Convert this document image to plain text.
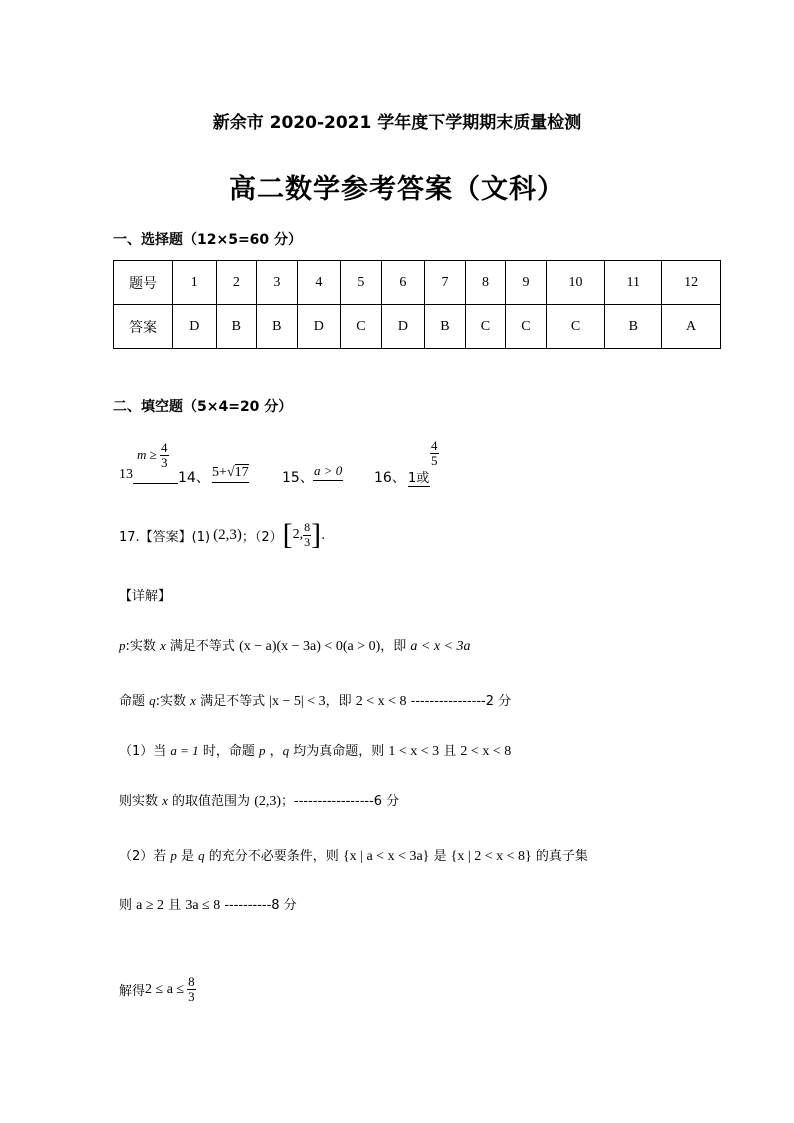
新余市 2020-2021 学年度下学期期末质量检测
高二数学参考答案（文科）
一、选择题（12×5=60 分）
题号	1	2	3	4	5	6	7	8	9	10	11	12
答案	D	B	B	D	C	D	B	C	C	C	B	A
二、填空题（5×4=20 分）
13
$m \ge \frac{4}{3}$
14、 5+√17 15、 a > 0 16、 1或
$\frac{4}{5}$
17.【答案】(1) (2,3) ；（2） [ 2, $\frac{8}{3}$ ] .
【详解】
p:实数 x 满足不等式 (x − a)(x − 3a) < 0(a > 0)，即 a < x < 3a
命题 q:实数 x 满足不等式 |x − 5| < 3，即 2 < x < 8 ----------------2 分
（1）当 a = 1 时，命题 p ，q 均为真命题，则 1 < x < 3 且 2 < x < 8
则实数 x 的取值范围为 (2,3)；-----------------6 分
（2）若 p 是 q 的充分不必要条件，则 {x | a < x < 3a} 是 {x | 2 < x < 8} 的真子集
则 a ≥ 2 且 3a ≤ 8 ----------8 分
解得 $2 \le a \le \frac{8}{3}$
